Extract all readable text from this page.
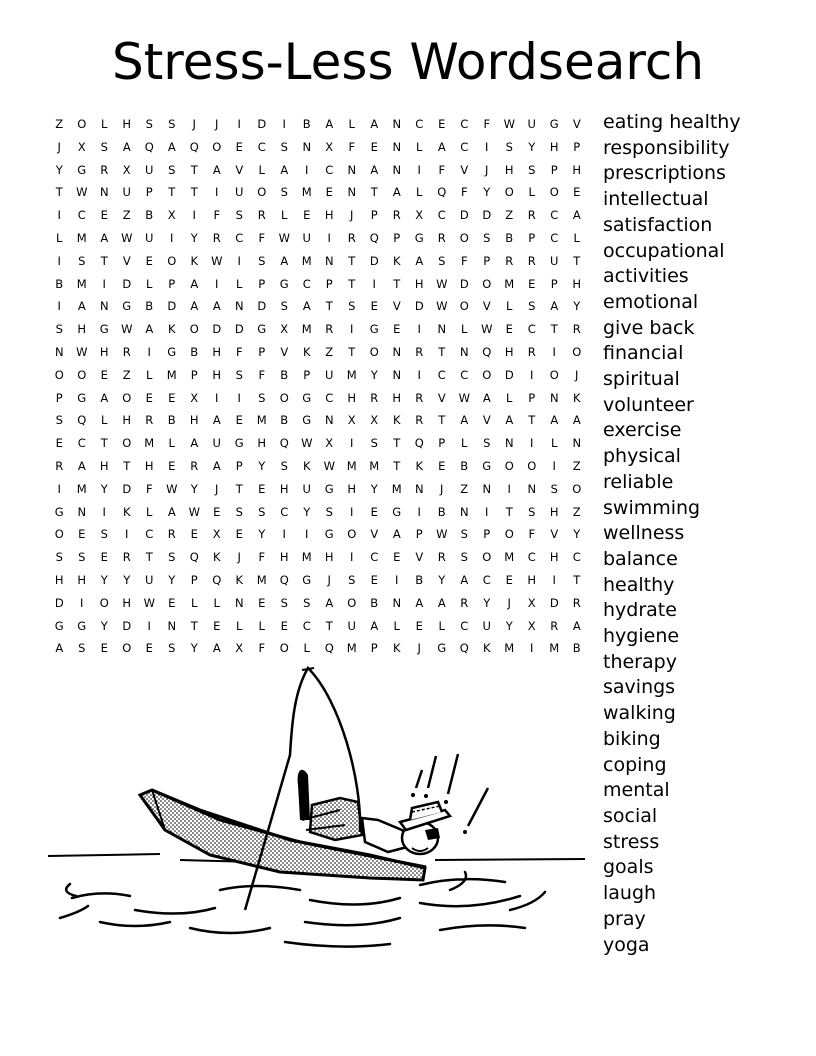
Stress-Less Wordsearch
Z	O	L	H	S	S	J	J	I	D	I	B	A	L	A	N	C	E	C	F	W	U	G	V
J	X	S	A	Q	A	Q	O	E	C	S	N	X	F	E	N	L	A	C	I	S	Y	H	P
Y	G	R	X	U	S	T	A	V	L	A	I	C	N	A	N	I	F	V	J	H	S	P	H
T	W	N	U	P	T	T	I	U	O	S	M	E	N	T	A	L	Q	F	Y	O	L	O	E
I	C	E	Z	B	X	I	F	S	R	L	E	H	J	P	R	X	C	D	D	Z	R	C	A
L	M	A	W	U	I	Y	R	C	F	W	U	I	R	Q	P	G	R	O	S	B	P	C	L
I	S	T	V	E	O	K	W	I	S	A	M	N	T	D	K	A	S	F	P	R	R	U	T
B	M	I	D	L	P	A	I	L	P	G	C	P	T	I	T	H	W	D	O	M	E	P	H
I	A	N	G	B	D	A	A	N	D	S	A	T	S	E	V	D	W	O	V	L	S	A	Y
S	H	G	W	A	K	O	D	D	G	X	M	R	I	G	E	I	N	L	W	E	C	T	R
N	W	H	R	I	G	B	H	F	P	V	K	Z	T	O	N	R	T	N	Q	H	R	I	O
O	O	E	Z	L	M	P	H	S	F	B	P	U	M	Y	N	I	C	C	O	D	I	O	J
P	G	A	O	E	E	X	I	I	S	O	G	C	H	R	H	R	V	W	A	L	P	N	K
S	Q	L	H	R	B	H	A	E	M	B	G	N	X	X	K	R	T	A	V	A	T	A	A
E	C	T	O	M	L	A	U	G	H	Q	W	X	I	S	T	Q	P	L	S	N	I	L	N
R	A	H	T	H	E	R	A	P	Y	S	K	W	M	M	T	K	E	B	G	O	O	I	Z
I	M	Y	D	F	W	Y	J	T	E	H	U	G	H	Y	M	N	J	Z	N	I	N	S	O
G	N	I	K	L	A	W	E	S	S	C	Y	S	I	E	G	I	B	N	I	T	S	H	Z
O	E	S	I	C	R	E	X	E	Y	I	I	G	O	V	A	P	W	S	P	O	F	V	Y
S	S	E	R	T	S	Q	K	J	F	H	M	H	I	C	E	V	R	S	O	M	C	H	C
H	H	Y	Y	U	Y	P	Q	K	M	Q	G	J	S	E	I	B	Y	A	C	E	H	I	T
D	I	O	H	W	E	L	L	N	E	S	S	A	O	B	N	A	A	R	Y	J	X	D	R
G	G	Y	D	I	N	T	E	L	L	E	C	T	U	A	L	E	L	C	U	Y	X	R	A
A	S	E	O	E	S	Y	A	X	F	O	L	Q	M	P	K	J	G	Q	K	M	I	M	B
eating healthy
responsibility
prescriptions
intellectual
satisfaction
occupational
activities
emotional
give back
financial
spiritual
volunteer
exercise
physical
reliable
swimming
wellness
balance
healthy
hydrate
hygiene
therapy
savings
walking
biking
coping
mental
social
stress
goals
laugh
pray
yoga
